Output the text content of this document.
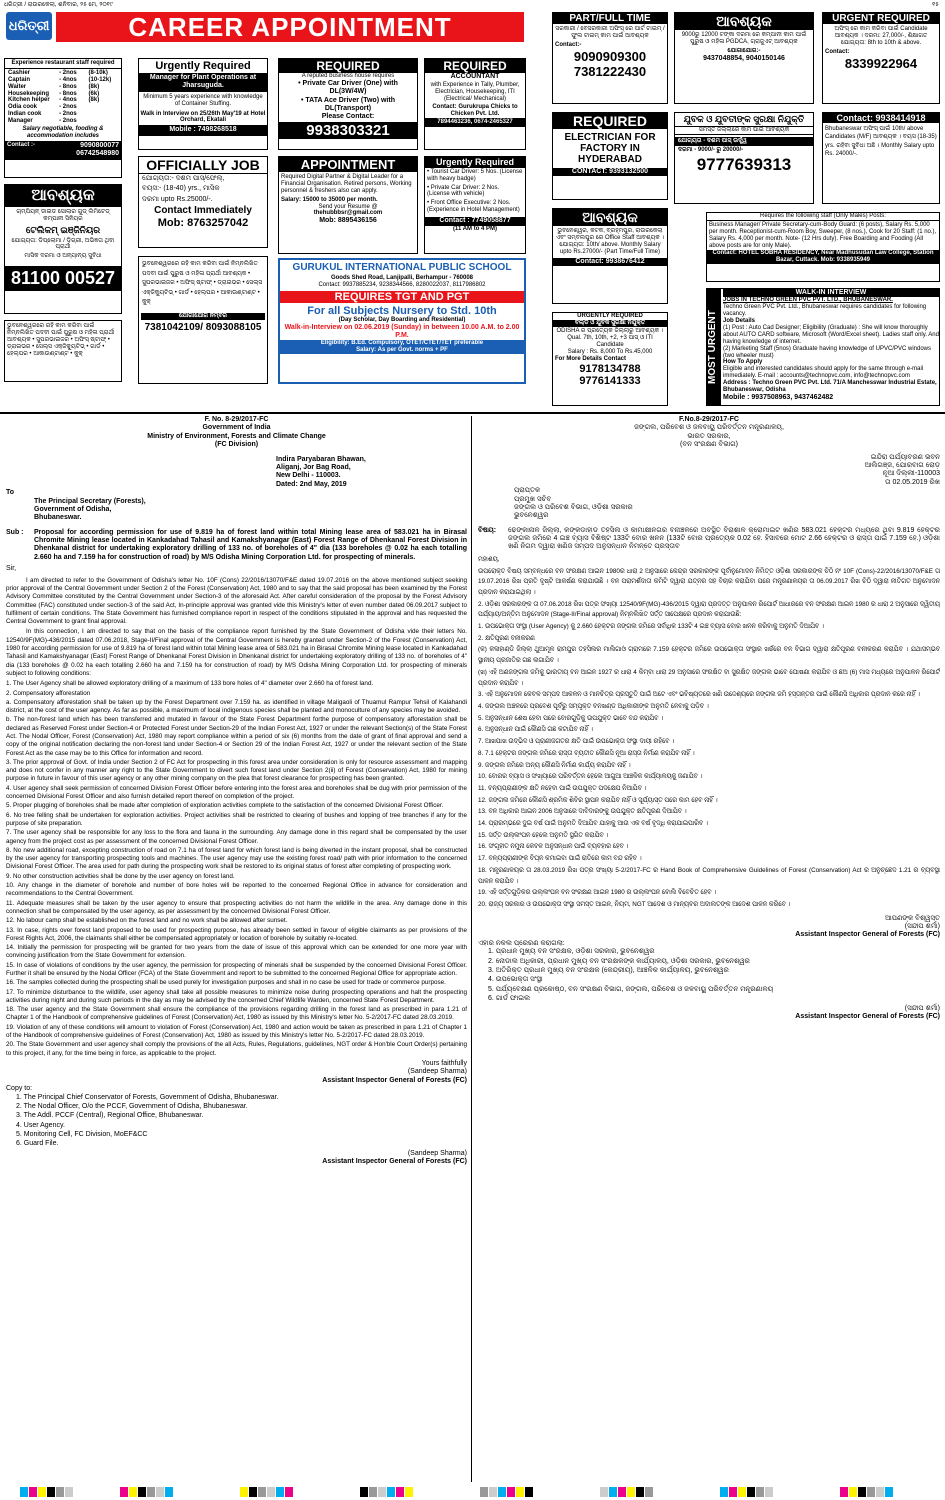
ଧରିତ୍ରୀ / ରାଉରକେଲା, ଶନିବାର, ୨୫ ମେ, ୨୦୧୯	୧୫
ଧରିତ୍ରୀ	CAREER APPOINTMENT
Experience restaurant staff required
Cashier	- 2nos	(8-10k)
Captain	- 4nos	(10-12k)
Waiter	- 8nos	(8k)
Housekeeping	- 8nos	(6k)
Kitchen helper	- 4nos	(8k)
Odia cook	- 2nos
Indian cook	- 2nos
Manager	- 2nos
Salary negotiable, fooding & accommodation includes
Contact :-	9090800077 06742548980
ଆବଶ୍ୟକ
ଚାମ୍ପିୟନ୍ ଡାଇଡ ସୋଲାର ଗୁଡ୍ ଲିମିଟେଡ୍ କମ୍ପାନୀ ସିନିୟର
ଟେଲିକମ୍ ଇଞ୍ଜିନିୟର
ଯୋଗ୍ୟତା: ଡିପ୍ଲୋମା / ଡିଗ୍ରୀ, ଅଭିଜ୍ଞତା ଥିବା ପ୍ରାର୍ଥୀ
ମାସିକ ଦରମା ଓ ଅନ୍ୟାନ୍ୟ ସୁବିଧା
81100 00527
ଭୁବନେଶ୍ୱରରେ ରହି କାମ କରିବା ପାଇଁ ନିମ୍ନଲିଖିତ ପଦବୀ ପାଇଁ ପୁରୁଷ ଓ ମହିଳା ପ୍ରାର୍ଥୀ ଆବଶ୍ୟକ • ସୁପରଭାଇଜର • ଅଫିସ୍ ଷ୍ଟାଫ୍ • ଡ୍ରାଇଭର • ସେଲ୍ସ ଏକ୍ଜିକ୍ୟୁଟିଭ୍ • ଗାର୍ଡ • ହେଲ୍ପର • ଆକାଉଣ୍ଟାଣ୍ଟ • କୁକ୍
Urgently Required
Manager for Plant Operations at Jharsuguda.
Minimum 5 years experience with knowledge of Container Stuffing.
Walk in Interview on 25/26th May'19 at Hotel Orchard, Ekatali
Mobile : 7498268518
OFFICIALLY JOB
ଯୋଗ୍ୟତା:- ଦଶମ ପାସ୍/ଫେଲ୍,
ବୟସ:- (18-40) yrs., ମାସିକ
ଦରମା upto Rs.25000/-.
Contact Immediately
Mob: 8763257042
ଭୁବନେଶ୍ୱରରେ ରହି କାମ କରିବା ପାଇଁ ନିମ୍ନଲିଖିତ ପଦବୀ ପାଇଁ ପୁରୁଷ ଓ ମହିଳା ପ୍ରାର୍ଥୀ ଆବଶ୍ୟକ • ସୁପରଭାଇଜର • ଅଫିସ୍ ଷ୍ଟାଫ୍ • ଡ୍ରାଇଭର • ସେଲ୍ସ ଏକ୍ଜିକ୍ୟୁଟିଭ୍ • ଗାର୍ଡ • ହେଲ୍ପର • ଆକାଉଣ୍ଟାଣ୍ଟ • କୁକ୍
ଯୋଗାଯୋଗ ନମ୍ବର
7381042109/ 8093088105
REQUIRED
A reputed business house requires
• Private Car Driver (One) with DL(3W/4W)
• TATA Ace Driver (Two) with DL(Transport)
Please Contact:
9938303321
APPOINTMENT
Required Digital Partner & Digital Leader for a Financial Organisation. Retired persons, Working personnel & freshers also can apply.
Salary: 15000 to 35000 per month.
Send your Resume @
thehubbbsr@gmail.com
Mob: 8895436156
REQUIRED
ACCOUNTANT
with Experience in Tally, Plumber, Electrician, Housekeeping, ITI (Electrical/ Mechanical)
Contact: Gurukrupa Chicks to Chicken Pvt. Ltd.
7894463236, 0674-2465327
Urgently Required
• Tourist Car Driver: 5 Nos. (License with heavy badge)
• Private Car Driver: 2 Nos. (License with vehicle)
• Front Office Executive: 2 Nos. (Experience in Hotel Management)
Contact : 7749058877
(11 AM to 4 PM)
GURUKUL INTERNATIONAL PUBLIC SCHOOL
Goods Shed Road, Lanjipalli, Berhampur - 760008
Contact: 9937885234, 9238344566, 8280022037, 8117986802
REQUIRES TGT AND PGT
For all Subjects Nursery to Std. 10th
(Day Scholar, Day Boarding and Residential)
Walk-in-Interview on 02.06.2019 (Sunday) in between 10.00 A.M. to 2.00 P.M.
Eligibility: B.Ed. Compulsory, OTET/CTET/TET preferable
Salary: As per Govt. norms + PF
PART/FULL TIME
ସରକାରୀ / ବେସରକାରୀ ଅଫିସ୍ ରେ ପାର୍ଟ ଟାଇମ୍ / ଫୁଲ ଟାଇମ୍ କାମ ପାଇଁ ଆବଶ୍ୟକ
Contact:-
9090909300
7381222430
ଆବଶ୍ୟକ
9000ରୁ 12000 ଟଙ୍କା ଦରମା ରେ କମ୍ପାନୀ କାମ ପାଇଁ ପୁରୁଷ ଓ ମହିଳା PGDCA, ଗ୍ରାଜୁଏଟ୍ ଆବଶ୍ୟକ
ଯୋଗାଯୋଗ:-
9437048854, 9040150146
URGENT REQUIRED
ଅଫିସ୍ ରେ କାମ କରିବା ପାଇଁ Candidate ଆବଶ୍ୟକ । ଦରମା: 27,000/-, ଶିକ୍ଷାଗତ ଯୋଗ୍ୟତା: 8th to 10th & above.
Contact:
8339922964
REQUIRED
ELECTRICIAN FOR FACTORY IN HYDERABAD
CONTACT: 9393132500
ଯୁବକ ଓ ଯୁବତୀଙ୍କ ସୁରକ୍ଷା ନିଯୁକ୍ତି
ସମସ୍ତ ଜିଲ୍ଲାରେ କାମ ପାଇଁ ଆବଶ୍ୟକ
ଯୋଗ୍ୟତା - ଦଶମ ପାସ୍ ଉର୍ଦ୍ଧ୍ୱ
ଦରମା - 9000/- ରୁ 20000/-
9777639313
Contact: 9938414918
Bhubaneswar ଅଫିସ୍ ପାଇଁ 10th/ above Candidates (M/F) ଆବଶ୍ୟକ । ବୟସ (18-35) yrs. ରହିବା ସୁବିଧା ଅଛି । Monthly Salary upto Rs. 24000/-.
ଆବଶ୍ୟକ
ଭୁବନେଶ୍ୱର, କଟକ, ବ୍ରହ୍ମପୁର, ରାଉରକେଲା ଏବଂ ସମ୍ବଲପୁର ରେ Office Staff ଆବଶ୍ୟକ । ଯୋଗ୍ୟତା: 10th/ above. Monthly Salary upto Rs.27000/- (Part Time/Full Time)
Contact: 9938676412
URGENTLY REQUIRED
ବିଲ୍ଡ ଓ ଯୁବକ ସୁରକ୍ଷା ନିଯୁକ୍ତି
ODISHA ର ପ୍ରତ୍ୟେକ ଜିଲ୍ଲାରୁ ଆବଶ୍ୟକ । Qual. 7th, 10th, +2, +3 ପାସ୍ ଓ ITI Candidate
Salary : Rs. 8,000 To Rs.45,000
For More Details Contact
9178134788
9776141333
Requires the following staff (Only Males) Posts:
Business Manager/ Private Secretary-cum-Body Guard: (6 posts), Salary Rs. 5,000 per month. Receptionist-cum-Room Boy, Sweeper, (8 nos.), Cook for 20 Staff: (1 no.), Salary Rs. 4,000 per month. Note- (12 Hrs duty). Free Boarding and Fooding (All above posts are for only Male).
Contact: HOTEL SOBHA RESIDENCY, Near Madhusudan Law College, Station Bazar, Cuttack. Mob: 9338935949
MOST URGENT
WALK-IN INTERVIEW
JOBS IN TECHNO GREEN PVC PVT. LTD., BHUBANESWAR.
Techno Green PVC Pvt. Ltd., Bhubaneswar requires candidates for following vacancy.
Job Details
(1) Post : Auto Cad Designer; Eligibility (Graduate) : She will know thoroughly about AUTO CARD software, Microsoft (Word/Excel sheet). Ladies staff only. And having knowledge of internet.
(2) Marketing Staff (5nos) Graduate having knowledge of UPVC/PVC windows (two wheeler must)
How To Apply
Eligible and interested candidates should apply for the same through e-mail immediately. E-mail : accounts@technopvc.com, info@technopvc.com
Address : Techno Green PVC Pvt. Ltd. 71/A Manchesswar Industrial Estate, Bhubaneswar, Odisha
Mobile : 9937508963, 9437462482
F. No. 8-29/2017-FC
Government of India
Ministry of Environment, Forests and Climate Change
(FC Division)
Indira Paryabaran Bhawan,
Aliganj, Jor Bag Road,
New Delhi - 110003.
Dated: 2nd May, 2019
To
The Principal Secretary (Forests),
Government of Odisha,
Bhubaneswar.
Sub :	Proposal for according permission for use of 9.819 ha of forest land within total Mining lease area of 583.021 ha in Birasal Chromite Mining lease located in Kankadahad Tahasil and Kamakshyanagar (East) Forest Range of Dhenkanal Forest Division in Dhenkanal district for undertaking exploratory drilling of 133 no. of boreholes of 4" dia (133 boreholes @ 0.02 ha each totalling 2.660 ha and 7.159 ha for construction of road) by M/S Odisha Mining Corporation Ltd. for prospecting of minerals.
Sir,
I am directed to refer to the Government of Odisha's letter No. 10F (Cons) 22/2016/13070/F&E dated 19.07.2016 on the above mentioned subject seeking prior approval of the Central Government under Section 2 of the Forest (Conservation) Act, 1980 and to say that the said proposal has been examined by the Forest Advisory Committee constituted by the Central Government under Section-3 of the aforesaid Act. After careful consideration of the proposal by the Forest Advisory Committee (FAC) constituted under section-3 of the said Act, In-principle approval was granted vide this Ministry's letter of even number dated 06.09.2017 subject to fulfilment of certain conditions. The State Government has furnished compliance report in respect of the conditions stipulated in the approval and has requested the Central Government to grant final approval.
In this connection, I am directed to say that on the basis of the compliance report furnished by the State Government of Odisha vide their letters No. 12540/9F(MG)-436/2015 dated 07.06.2018, Stage-II/Final approval of the Central Government is hereby granted under Section-2 of the Forest (Conservation) Act, 1980 for according permission for use of 9.819 ha of forest land within total Mining lease area of 583.021 ha in Birasal Chromite Mining lease located in Kankadahad Tahasil and Kamakshyanagar (East) Forest Range of Dhenkanal Forest Division in Dhenkanal district for undertaking exploratory drilling of 133 no. of boreholes of 4" dia (133 boreholes @ 0.02 ha each totalling 2.660 ha and 7.159 ha for construction of road) by M/S Odisha Mining Corporation Ltd. for prospecting of minerals subject to following conditions:
1. The User Agency shall be allowed exploratory drilling of a maximum of 133 bore holes of 4" diameter over 2.660 ha of forest land.
2. Compensatory afforestation
a. Compensatory afforestation shall be taken up by the Forest Department over 7.159 ha. as identified in village Maligaoli of Thuamul Rampur Tehsil of Kalahandi district, at the cost of the user agency. As far as possible, a maximum of local indigenous species shall be planted and monoculture of any species may be avoided.
b. The non-forest land which has been transferred and mutated in favour of the State Forest Department forthe purpose of compensatory afforestation shall be declared as Reserved Forest under Section-4 or Protected Forest under Section-29 of the Indian Forest Act, 1927 or under the relevant Section(s) of the State Forest Act. The Nodal Officer, Forest (Conservation) Act, 1980 may report compliance within a period of six (6) months from the date of grant of final approval and send a copy of the original notification declaring the non-forest land under Section-4 or Section 29 of the Indian Forest Act, 1927 or under the relevant section of the State Forest Act as the case may be to this Office for information and record.
3. The prior approval of Govt. of India under Section 2 of FC Act for prospecting in this forest area under consideration is only for resource assessment and mapping and does not confer in any manner any right to the State Government to divert such forest land under Section 2(ii) of Forest (Conservation) Act, 1980 for mining purpose in future in favour of this user agency or any other mining company on the plea that forest clearance for prospecting has been granted.
4. User agency shall seek permission of concerned Division Forest Officer before entering into the forest area and boreholes shall be dug with prior permission of the concerned Divisional Forest Officer and also furnish detailed report thereof on completion of the project.
5. Proper plugging of boreholes shall be made after completion of exploration activities complete to the satisfaction of the concerned Divisional Forest Officer.
6. No tree felling shall be undertaken for exploration activities. Project activities shall be restricted to clearing of bushes and lopping of tree branches if any for the purpose of site preparation.
7. The user agency shall be responsible for any loss to the flora and fauna in the surrounding. Any damage done in this regard shall be compensated by the user agency from the project cost as per assessment of the concerned Divisional Forest Officer.
8. No new additional road, excepting construction of road on 7.1 ha of forest land for which forest land is being diverted in the instant proposal, shall be constructed by the user agency for transporting prospecting tools and machines. The user agency may use the existing forest road/ path with prior information to the concerned Divisional Forest Officer. The area used for path during the prospecting work shall be restored to its original status of forest after completing of prospecting work.
9. No other construction activities shall be done by the user agency on forest land.
10. Any change in the diameter of borehole and number of bore holes will be reported to the concerned Regional Office in advance for consideration and recommendations to the Central Government.
11. Adequate measures shall be taken by the user agency to ensure that prospecting activities do not harm the wildlife in the area. Any damage done in this connection shall be compensated by the user agency, as per assessment by the concerned Divisional Forest Officer.
12. No labour camp shall be established on the forest land and no work shall be allowed after sunset.
13. In case, rights over forest land proposed to be used for prospecting purpose, has already been settled in favour of eligible claimants as per provisions of the Forest Rights Act, 2006, the claimants shall either be compensated appropriately or location of borehole by suitably re-located.
14. Initially the permission for prospecting will be granted for two years from the date of issue of this approval which can be extended for one more year with convincing justification from the State Government for extension.
15. In case of violations of conditions by the user agency, the permission for prospecting of minerals shall be suspended by the concerned Divisional Forest Officer. Further it shall be ensured by the Nodal Officer (FCA) of the State Government and report to be submitted to the concerned Regional Office for appropriate action.
16. The samples collected during the prospecting shall be used purely for investigation purposes and shall in no case be used for trade or commerce purpose.
17. To minimize disturbance to the wildlife, user agency shall take all possible measures to minimize noise during prospecting operations and halt the prospecting activities during night and during such periods in the day as may be advised by the concerned Chief Wildlife Warden, concerned State Forest Department.
18. The user agency and the State Government shall ensure the compliance of the provisions regarding drilling in the forest land as prescribed in para 1.21 of Chapter 1 of the Handbook of comprehensive guidelines of Forest (Conservation) Act, 1980 as issued by this Ministry's letter No. 5-2/2017-FC dated 28.03.2019.
19. Violation of any of these conditions will amount to violation of Forest (Conservation) Act, 1980 and action would be taken as prescribed in para 1.21 of Chapter 1 of the Handbook of comprehensive guidelines of Forest (Conservation) Act, 1980 as issued by this Ministry's letter No. 5-2/2017-FC dated 28.03.2019.
20. The State Government and user agency shall comply the provisions of the all Acts, Rules, Regulations, guidelines, NGT order & Hon'ble Court Order(s) pertaining to this project, if any, for the time being in force, as applicable to the project.
Yours faithfully
(Sandeep Sharma)
Assistant Inspector General of Forests (FC)
Copy to:
1. The Principal Chief Conservator of Forests, Government of Odisha, Bhubaneswar.
2. The Nodal Officer, O/o the PCCF, Government of Odisha, Bhubaneswar.
3. The Addl. PCCF (Central), Regional Office, Bhubaneswar.
4. User Agency.
5. Monitoring Cell, FC Division, MoEF&CC
6. Guard File.
(Sandeep Sharma)
Assistant Inspector General of Forests (FC)
F.No.8-29/2017-FC
ଜଙ୍ଗଲ, ପରିବେଶ ଓ ଜଳବାୟୁ ପରିବର୍ତ୍ତନ ମନ୍ତ୍ରଣାଳୟ,
ଭାରତ ସରକାର,
(ବନ ସଂରକ୍ଷଣ ବିଭାଗ)
ଇନ୍ଦିରା ପର୍ଯ୍ୟାବରଣ ଭବନ
ଆଲିଗଞ୍ଜ, ଯୋରବାଗ ରୋଡ଼
ନୂଆ ଦିଲ୍ଲୀ-110003
ତା 02.05.2019 ରିଖ
ପ୍ରାପ୍ତକ
ପ୍ରମୁଖ ସଚିବ
ଜଙ୍ଗଲ ଓ ପରିବେଶ ବିଭାଗ, ଓଡ଼ିଶା ସରକାର
ଭୁବନେଶ୍ୱର
ବିଷୟ:	ଢେଙ୍କାନାଳ ଜିଲ୍ଲା, କଙ୍କଡାହାଡ ତହସିଲ ଓ କାମାକ୍ଷୀନଗର ବନାଞ୍ଚଳରେ ଅବସ୍ଥିତ ବିରାଶାଳ କ୍ରୋମାଇଟ ଖଣିର 583.021 ହେକ୍ଟର ମଧ୍ୟରେ ଥିବା 9.819 ହେକ୍ଟର ଜଙ୍ଗଲ ଜମିରେ 4 ଇଞ୍ଚ ବ୍ୟାସ ବିଶିଷ୍ଟ 133ଟି ବୋର ଖନନ (133ଟି ବୋର ପ୍ରତ୍ୟେକ 0.02 ହେ. ହିସାବରେ ମୋଟ 2.66 ହେକ୍ଟର ଓ ରାସ୍ତା ପାଇଁ 7.159 ହେ.) ଓଡ଼ିଶା ଖଣି ନିଗମ ଦ୍ୱାରା ଖଣିଜ ସମ୍ପଦ ଅନୁସନ୍ଧାନ ନିମନ୍ତେ ପ୍ରସ୍ତାବ
ମହାଶୟ,
ଉପରୋକ୍ତ ବିଷୟ ସମ୍ବନ୍ଧରେ ବନ ସଂରକ୍ଷଣ ଆଇନ 1980ର ଧାରା 2 ଅନୁସାରେ କେନ୍ଦ୍ର ସରକାରଙ୍କ ପୂର୍ବାନୁମୋଦନ ନିମିତ୍ତ ଓଡ଼ିଶା ସରକାରଙ୍କ ଚିଠି ନଂ 10F (Cons)-22/2016/13070/F&E ତା 19.07.2016 ରିଖ ପ୍ରତି ଦୃଷ୍ଟି ଆକର୍ଷଣ କରାଯାଉଛି । ବନ ପରାମର୍ଶଦାତା କମିଟି ଦ୍ୱାରା ଯତ୍ନର ସହ ବିଚାର କରାଯିବା ପରେ ମନ୍ତ୍ରଣାଳୟର ତା 06.09.2017 ରିଖ ଚିଠି ଦ୍ୱାରା ନୀତିଗତ ଅନୁମୋଦନ ପ୍ରଦାନ କରାଯାଇଥିଲା ।
2. ଓଡ଼ିଶା ସରକାରଙ୍କ ତା 07.06.2018 ରିଖ ପତ୍ର ସଂଖ୍ୟା 12540/9F(MG)-436/2015 ଦ୍ୱାରା ପ୍ରଦତ୍ତ ଅନୁପାଳନ ରିପୋର୍ଟ ଆଧାରରେ ବନ ସଂରକ୍ଷଣ ଆଇନ 1980 ର ଧାରା 2 ଅନୁସାରେ ଦ୍ୱିତୀୟ ପର୍ଯ୍ୟାୟ/ଅନ୍ତିମ ଅନୁମୋଦନ (Stage-II/Final approval) ନିମ୍ନଲିଖିତ ସର୍ତ୍ତ ସାପେକ୍ଷରେ ପ୍ରଦାନ କରାଯାଉଛି:
1. ଉପଭୋକ୍ତା ସଂସ୍ଥା (User Agency) କୁ 2.660 ହେକ୍ଟର ଜଙ୍ଗଲ ଜମିରେ ସର୍ବାଧିକ 133ଟି 4 ଇଞ୍ଚ ବ୍ୟାସ ବୋର ଖନନ କରିବାକୁ ଅନୁମତି ଦିଆଯିବ ।
2. କ୍ଷତିପୂରଣ ବନୀକରଣ
(କ) କଳାହାଣ୍ଡି ଜିଲ୍ଲା ଥୁଆମୂଳ ରାମପୁର ତହସିଲର ମାଲିଗାଓଁ ଗ୍ରାମରେ 7.159 ହେକ୍ଟର ଜମିରେ ଉପଭୋକ୍ତା ସଂସ୍ଥାର ଖର୍ଚ୍ଚରେ ବନ ବିଭାଗ ଦ୍ୱାରା କ୍ଷତିପୂରଣ ବନୀକରଣ କରାଯିବ । ଯଥାସମ୍ଭବ ସ୍ଥାନୀୟ ପ୍ରଜାତିର ଗଛ ଲଗାଯିବ ।
(ଖ) ଏହି ଅଣଜଙ୍ଗଲ ଜମିକୁ ଭାରତୀୟ ବନ ଆଇନ 1927 ର ଧାରା 4 କିମ୍ବା ଧାରା 29 ଅନୁସାରେ ସଂରକ୍ଷିତ ବା ସୁରକ୍ଷିତ ଜଙ୍ଗଲ ଭାବେ ଘୋଷଣା କରାଯିବ ଓ ଛଅ (6) ମାସ ମଧ୍ୟରେ ଅନୁପାଳନ ରିପୋର୍ଟ ପ୍ରଦାନ କରାଯିବ ।
3. ଏହି ଅନୁମୋଦନ କେବଳ ସମ୍ପଦ ଆକଳନ ଓ ମାନଚିତ୍ର ପ୍ରସ୍ତୁତି ପାଇଁ ଅଟେ ଏବଂ ଭବିଷ୍ୟତରେ ଖଣି ଉଦ୍ଦେଶ୍ୟରେ ଜଙ୍ଗଲ ଜମି ହସ୍ତାନ୍ତର ପାଇଁ କୌଣସି ଅଧିକାର ପ୍ରଦାନ କରେ ନାହିଁ ।
4. ଜଙ୍ଗଲ ଅଞ୍ଚଳରେ ପ୍ରବେଶ ପୂର୍ବରୁ ସମ୍ପୃକ୍ତ ବନଖଣ୍ଡ ଅଧିକାରୀଙ୍କ ଅନୁମତି ନେବାକୁ ପଡ଼ିବ ।
5. ଅନୁସନ୍ଧାନ ଶେଷ ହେବା ପରେ ବୋରଗୁଡ଼ିକୁ ଉପଯୁକ୍ତ ଭାବେ ବନ୍ଦ କରାଯିବ ।
6. ଅନୁସନ୍ଧାନ ପାଇଁ କୌଣସି ଗଛ କଟାଯିବ ନାହିଁ ।
7. ଆଖପାଖ ଉଦ୍ଭିଦ ଓ ପ୍ରାଣୀଜଗତର କ୍ଷତି ପାଇଁ ଉପଭୋକ୍ତା ସଂସ୍ଥା ଦାୟୀ ରହିବେ ।
8. 7.1 ହେକ୍ଟର ଜଙ୍ଗଲ ଜମିରେ ରାସ୍ତା ବ୍ୟତୀତ କୌଣସି ନୂଆ ରାସ୍ତା ନିର୍ମାଣ କରାଯିବ ନାହିଁ ।
9. ଜଙ୍ଗଲ ଜମିରେ ଅନ୍ୟ କୌଣସି ନିର୍ମାଣ କାର୍ଯ୍ୟ କରାଯିବ ନାହିଁ ।
10. ବୋରର ବ୍ୟାସ ଓ ସଂଖ୍ୟାରେ ପରିବର୍ତ୍ତନ ହେଲେ ଆଗୁଆ ଆଞ୍ଚଳିକ କାର୍ଯ୍ୟାଳୟକୁ ଜଣାଯିବ ।
11. ବନ୍ୟପ୍ରାଣୀଙ୍କ କ୍ଷତି ନହେବା ପାଇଁ ଉପଯୁକ୍ତ ପଦକ୍ଷେପ ନିଆଯିବ ।
12. ଜଙ୍ଗଲ ଜମିରେ କୌଣସି ଶ୍ରମିକ ଶିବିର ସ୍ଥାପନ କରାଯିବ ନାହିଁ ଓ ସୂର୍ଯ୍ୟାସ୍ତ ପରେ କାମ ହେବ ନାହିଁ ।
13. ବନ ଅଧିକାର ଆଇନ 2006 ଅନୁସାରେ ଦାବିଦାରଙ୍କୁ ଉପଯୁକ୍ତ କ୍ଷତିପୂରଣ ଦିଆଯିବ ।
14. ପ୍ରାରମ୍ଭରେ ଦୁଇ ବର୍ଷ ପାଇଁ ଅନୁମତି ଦିଆଯିବ ଯାହାକୁ ଆଉ ଏକ ବର୍ଷ ବୃଦ୍ଧି କରାଯାଇପାରିବ ।
15. ସର୍ତ୍ତ ଉଲ୍ଲଂଘନ ହେଲେ ଅନୁମତି ସ୍ଥଗିତ କରାଯିବ ।
16. ସଂଗୃହୀତ ନମୁନା କେବଳ ଅନୁସନ୍ଧାନ ପାଇଁ ବ୍ୟବହାର ହେବ ।
17. ବନ୍ୟପ୍ରାଣୀଙ୍କ ବିଘ୍ନ କମାଇବା ପାଇଁ ରାତିରେ କାମ ବନ୍ଦ ରହିବ ।
18. ମନ୍ତ୍ରଣାଳୟର ତା 28.03.2019 ରିଖ ପତ୍ର ସଂଖ୍ୟା 5-2/2017-FC ର Hand Book of Comprehensive Guidelines of Forest (Conservation) Act ର ଅନୁଚ୍ଛେଦ 1.21 ର ବ୍ୟବସ୍ଥା ପାଳନ କରାଯିବ ।
19. ଏହି ସର୍ତ୍ତଗୁଡ଼ିକର ଉଲ୍ଲଂଘନ ବନ ସଂରକ୍ଷଣ ଆଇନ 1980 ର ଉଲ୍ଲଂଘନ ବୋଲି ବିବେଚିତ ହେବ ।
20. ରାଜ୍ୟ ସରକାର ଓ ଉପଭୋକ୍ତା ସଂସ୍ଥା ସମସ୍ତ ଆଇନ, ନିୟମ, NGT ଆଦେଶ ଓ ମାନ୍ୟବର ଅଦାଲତଙ୍କ ଆଦେଶ ପାଳନ କରିବେ ।
ଆପଣଙ୍କ ବିଶ୍ୱସ୍ତ
(ସନ୍ଦୀପ ଶର୍ମା)
Assistant Inspector General of Forests (FC)
ଏହାର ନକଲ ପ୍ରେରଣ କରାଗଲା:
1. ପ୍ରଧାନ ମୁଖ୍ୟ ବନ ସଂରକ୍ଷକ, ଓଡ଼ିଶା ସରକାର, ଭୁବନେଶ୍ୱର
2. ନୋଡାଲ ଅଧିକାରୀ, ପ୍ରଧାନ ମୁଖ୍ୟ ବନ ସଂରକ୍ଷକଙ୍କ କାର୍ଯ୍ୟାଳୟ, ଓଡ଼ିଶା ସରକାର, ଭୁବନେଶ୍ୱର
3. ଅତିରିକ୍ତ ପ୍ରଧାନ ମୁଖ୍ୟ ବନ ସଂରକ୍ଷକ (କେନ୍ଦ୍ରୀୟ), ଆଞ୍ଚଳିକ କାର୍ଯ୍ୟାଳୟ, ଭୁବନେଶ୍ୱର
4. ଉପଭୋକ୍ତା ସଂସ୍ଥା
5. ପର୍ଯ୍ୟବେକ୍ଷଣ ପ୍ରକୋଷ୍ଠ, ବନ ସଂରକ୍ଷଣ ବିଭାଗ, ଜଙ୍ଗଲ, ପରିବେଶ ଓ ଜଳବାୟୁ ପରିବର୍ତ୍ତନ ମନ୍ତ୍ରଣାଳୟ
6. ଗାର୍ଡ ଫାଇଲ
(ସନ୍ଦୀପ ଶର୍ମା)
Assistant Inspector General of Forests (FC)
